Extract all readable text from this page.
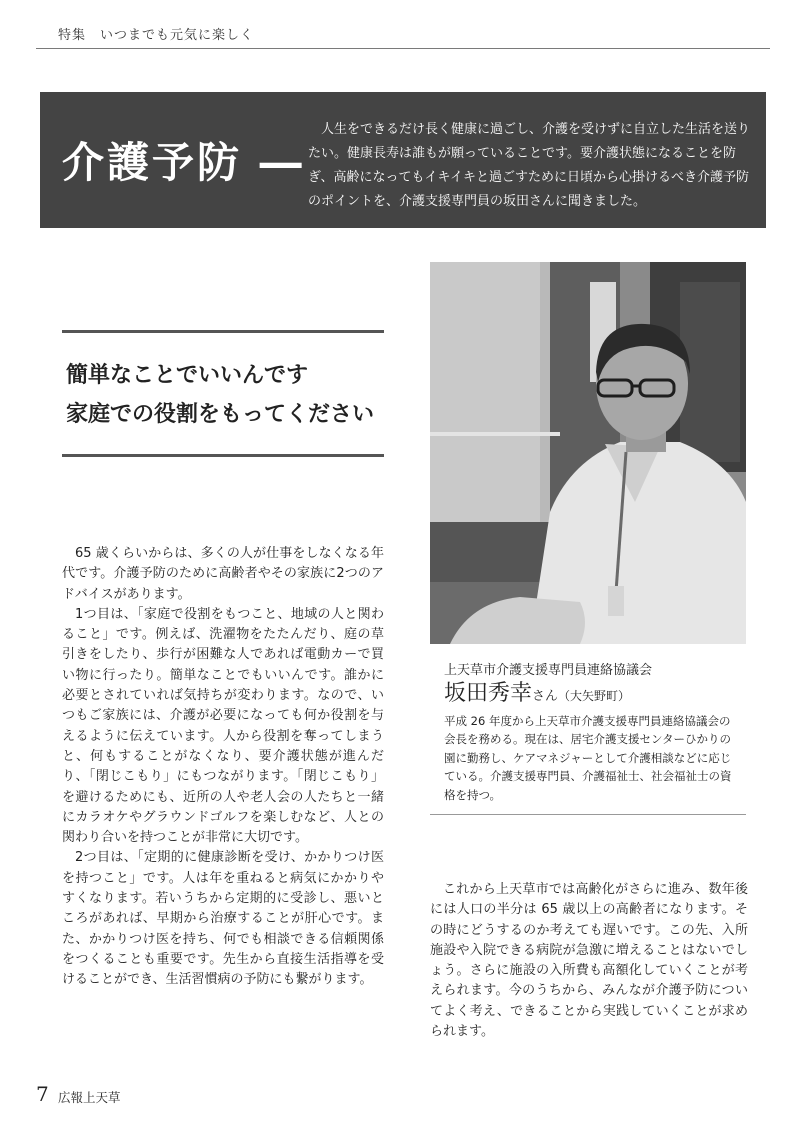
特集　いつまでも元気に楽しく
介護予防 ―

人生をできるだけ長く健康に過ごし、介護を受けずに自立した生活を送りたい。健康長寿は誰もが願っていることです。要介護状態になることを防ぎ、高齢になってもイキイキと過ごすために日頃から心掛けるべき介護予防のポイントを、介護支援専門員の坂田さんに聞きました。

簡単なことでいいんです
家庭での役割をもってください
上天草市介護支援専門員連絡協議会
坂田秀幸さん（大矢野町）
平成 26 年度から上天草市介護支援専門員連絡協議会の会長を務める。現在は、居宅介護支援センターひかりの園に勤務し、ケアマネジャーとして介護相談などに応じている。介護支援専門員、介護福祉士、社会福祉士の資格を持つ。

65 歳くらいからは、多くの人が仕事をしなくなる年代です。介護予防のために高齢者やその家族に2つのアドバイスがあります。

1つ目は、「家庭で役割をもつこと、地域の人と関わること」です。例えば、洗濯物をたたんだり、庭の草引きをしたり、歩行が困難な人であれば電動カーで買い物に行ったり。簡単なことでもいいんです。誰かに必要とされていれば気持ちが変わります。なので、いつもご家族には、介護が必要になっても何か役割を与えるように伝えています。人から役割を奪ってしまうと、何もすることがなくなり、要介護状態が進んだり、「閉じこもり」にもつながります。「閉じこもり」を避けるためにも、近所の人や老人会の人たちと一緒にカラオケやグラウンドゴルフを楽しむなど、人との関わり合いを持つことが非常に大切です。

2つ目は、「定期的に健康診断を受け、かかりつけ医を持つこと」です。人は年を重ねると病気にかかりやすくなります。若いうちから定期的に受診し、悪いところがあれば、早期から治療することが肝心です。また、かかりつけ医を持ち、何でも相談できる信頼関係をつくることも重要です。先生から直接生活指導を受けることができ、生活習慣病の予防にも繋がります。

これから上天草市では高齢化がさらに進み、数年後には人口の半分は 65 歳以上の高齢者になります。その時にどうするのか考えても遅いです。この先、入所施設や入院できる病院が急激に増えることはないでしょう。さらに施設の入所費も高額化していくことが考えられます。今のうちから、みんなが介護予防についてよく考え、できることから実践していくことが求められます。

7 広報上天草
